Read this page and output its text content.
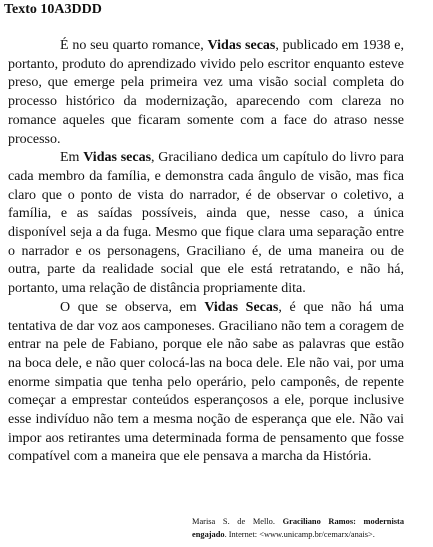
Texto 10A3DDD

É no seu quarto romance, Vidas secas, publicado em 1938 e, portanto, produto do aprendizado vivido pelo escritor enquanto esteve preso, que emerge pela primeira vez uma visão social completa do processo histórico da modernização, aparecendo com clareza no romance aqueles que ficaram somente com a face do atraso nesse processo.

Em Vidas secas, Graciliano dedica um capítulo do livro para cada membro da família, e demonstra cada ângulo de visão, mas fica claro que o ponto de vista do narrador, é de observar o coletivo, a família, e as saídas possíveis, ainda que, nesse caso, a única disponível seja a da fuga. Mesmo que fique clara uma separação entre o narrador e os personagens, Graciliano é, de uma maneira ou de outra, parte da realidade social que ele está retratando, e não há, portanto, uma relação de distância propriamente dita.

O que se observa, em Vidas Secas, é que não há uma tentativa de dar voz aos camponeses. Graciliano não tem a coragem de entrar na pele de Fabiano, porque ele não sabe as palavras que estão na boca dele, e não quer colocá-las na boca dele. Ele não vai, por uma enorme simpatia que tenha pelo operário, pelo camponês, de repente começar a emprestar conteúdos esperançosos a ele, porque inclusive esse indivíduo não tem a mesma noção de esperança que ele. Não vai impor aos retirantes uma determinada forma de pensamento que fosse compatível com a maneira que ele pensava a marcha da História.

Marisa S. de Mello. Graciliano Ramos: modernista engajado. Internet: <www.unicamp.br/cemarx/anais>.
